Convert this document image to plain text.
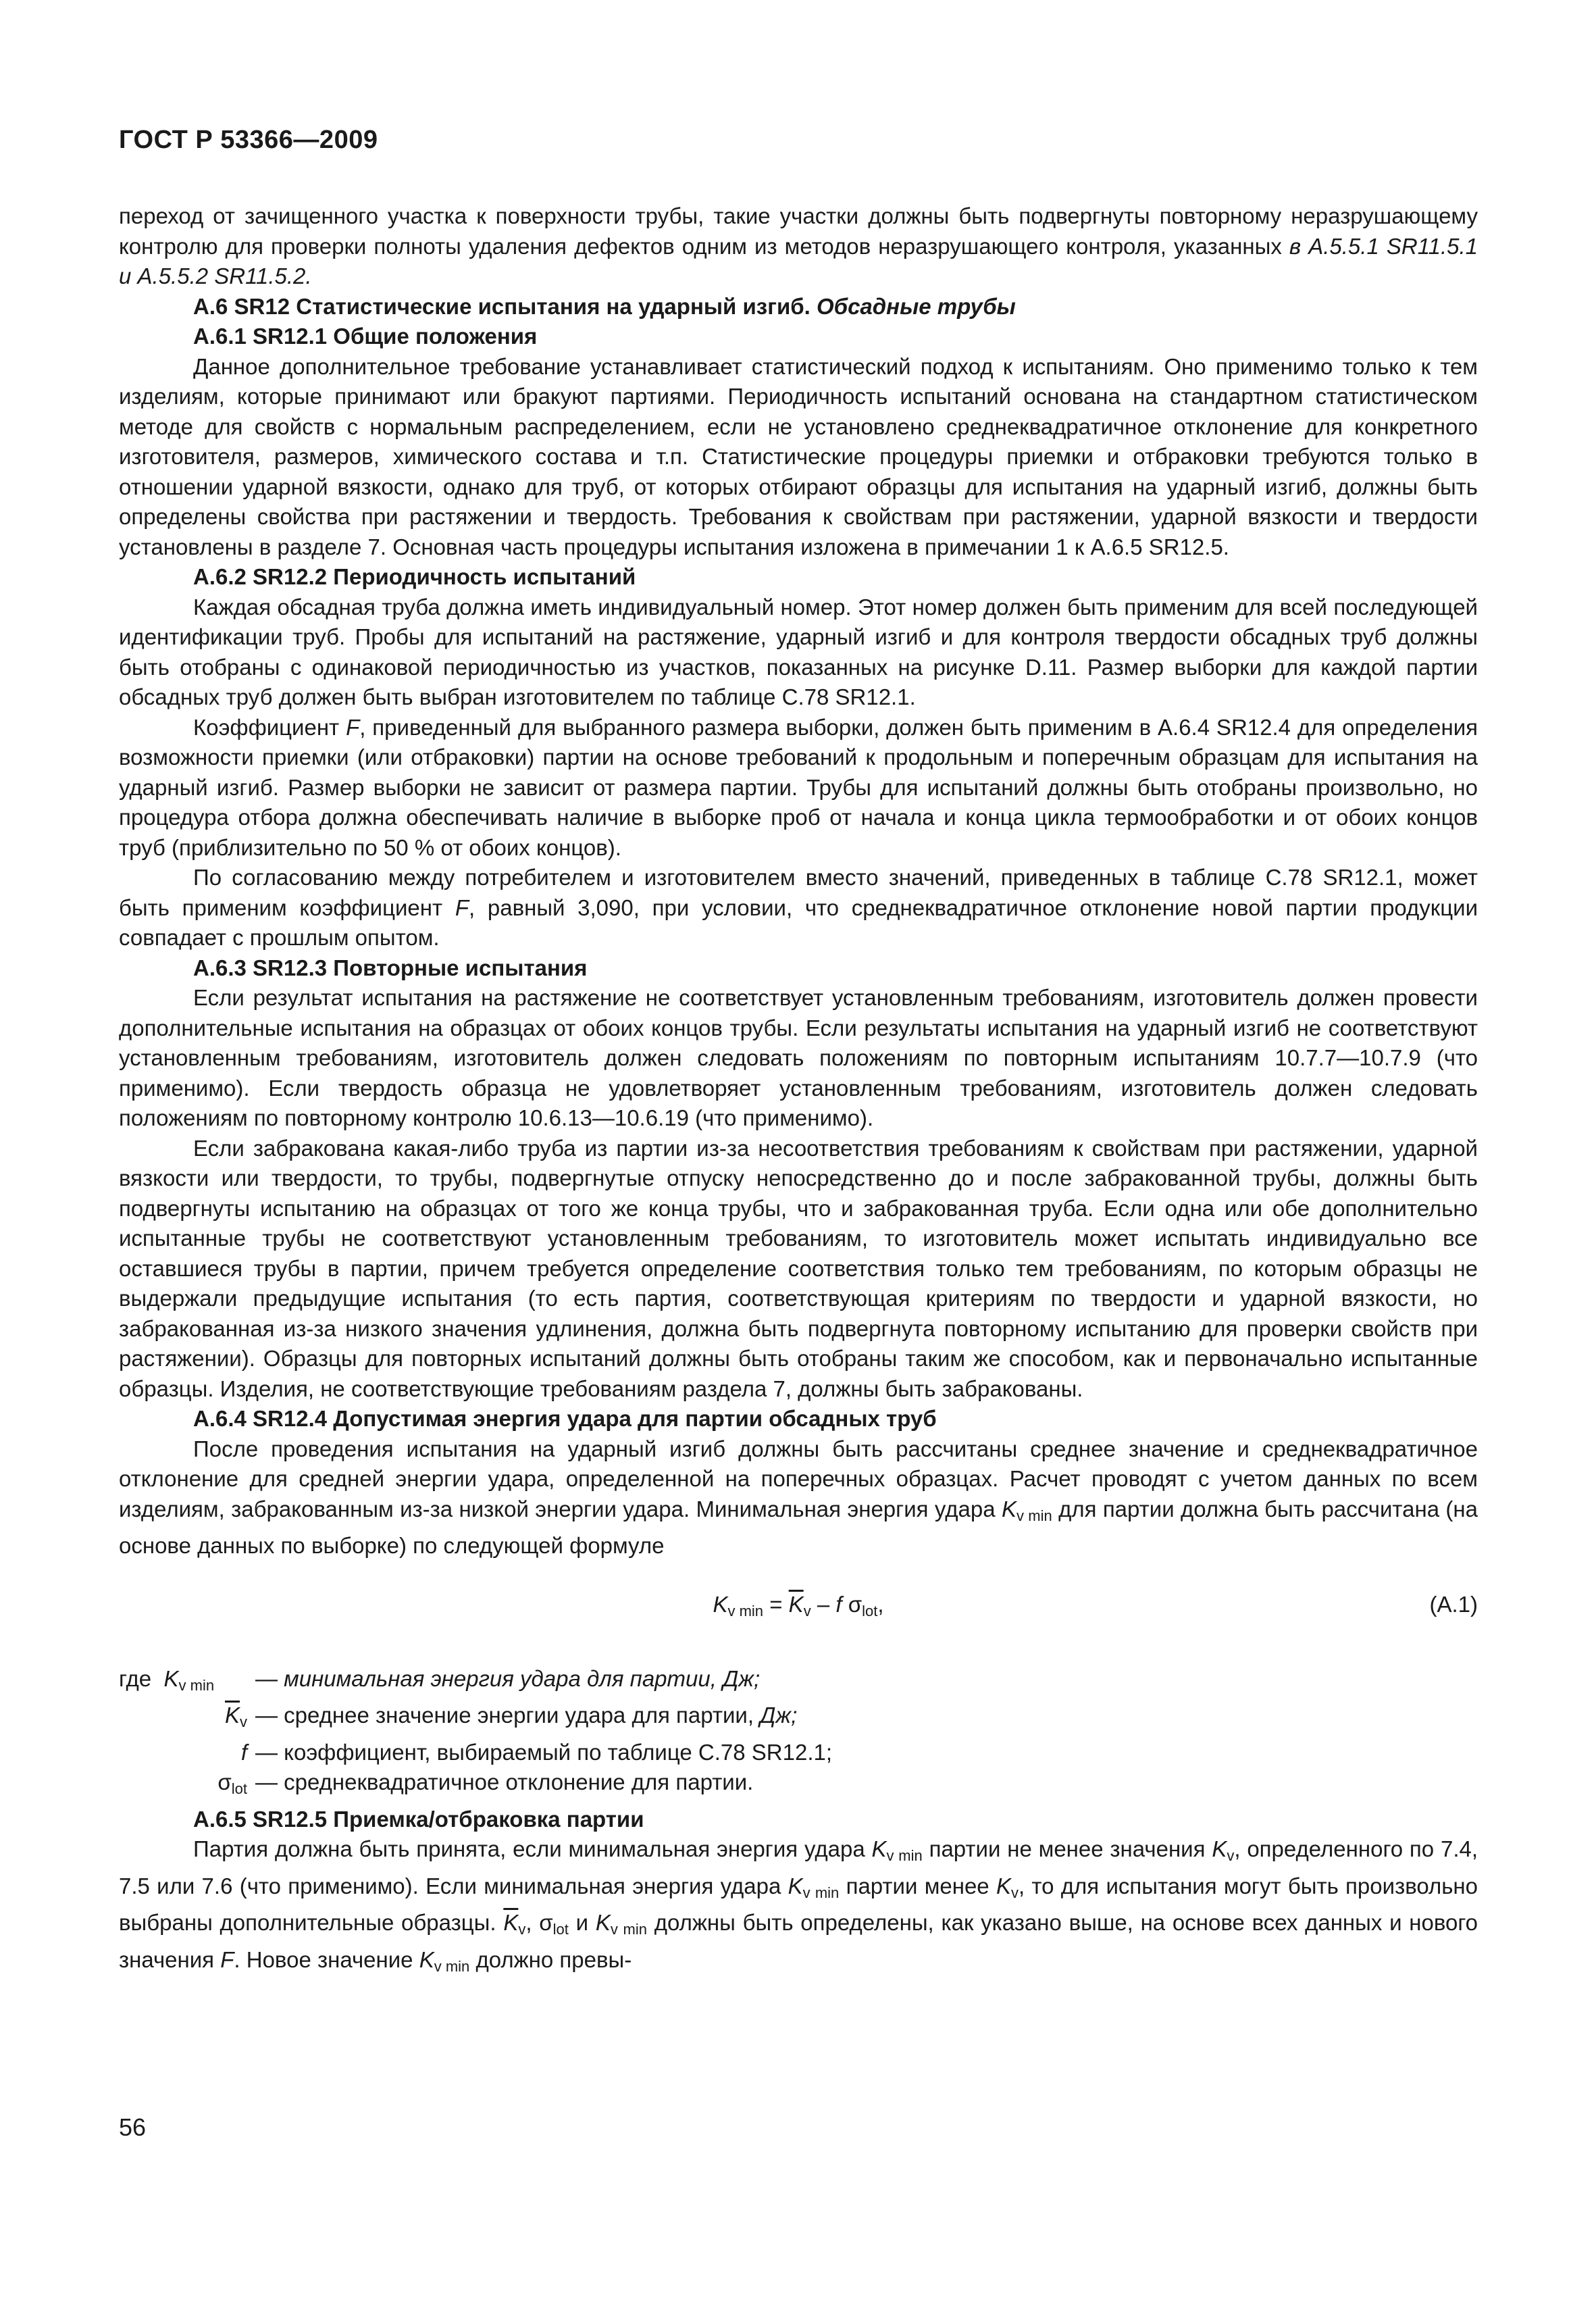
ГОСТ Р 53366—2009

переход от зачищенного участка к поверхности трубы, такие участки должны быть подвергнуты повторному неразрушающему контролю для проверки полноты удаления дефектов одним из методов неразрушающего контроля, указанных в А.5.5.1 SR11.5.1 и А.5.5.2 SR11.5.2.

А.6 SR12 Статистические испытания на ударный изгиб. Обсадные трубы

А.6.1 SR12.1 Общие положения

Данное дополнительное требование устанавливает статистический подход к испытаниям. Оно применимо только к тем изделиям, которые принимают или бракуют партиями. Периодичность испытаний основана на стандартном статистическом методе для свойств с нормальным распределением, если не установлено среднеквадратичное отклонение для конкретного изготовителя, размеров, химического состава и т.п. Статистические процедуры приемки и отбраковки требуются только в отношении ударной вязкости, однако для труб, от которых отбирают образцы для испытания на ударный изгиб, должны быть определены свойства при растяжении и твердость. Требования к свойствам при растяжении, ударной вязкости и твердости установлены в разделе 7. Основная часть процедуры испытания изложена в примечании 1 к А.6.5 SR12.5.

А.6.2 SR12.2 Периодичность испытаний

Каждая обсадная труба должна иметь индивидуальный номер. Этот номер должен быть применим для всей последующей идентификации труб. Пробы для испытаний на растяжение, ударный изгиб и для контроля твердости обсадных труб должны быть отобраны с одинаковой периодичностью из участков, показанных на рисунке D.11. Размер выборки для каждой партии обсадных труб должен быть выбран изготовителем по таблице С.78 SR12.1.

Коэффициент F, приведенный для выбранного размера выборки, должен быть применим в А.6.4 SR12.4 для определения возможности приемки (или отбраковки) партии на основе требований к продольным и поперечным образцам для испытания на ударный изгиб. Размер выборки не зависит от размера партии. Трубы для испытаний должны быть отобраны произвольно, но процедура отбора должна обеспечивать наличие в выборке проб от начала и конца цикла термообработки и от обоих концов труб (приблизительно по 50 % от обоих концов).

По согласованию между потребителем и изготовителем вместо значений, приведенных в таблице С.78 SR12.1, может быть применим коэффициент F, равный 3,090, при условии, что среднеквадратичное отклонение новой партии продукции совпадает с прошлым опытом.

А.6.3 SR12.3 Повторные испытания

Если результат испытания на растяжение не соответствует установленным требованиям, изготовитель должен провести дополнительные испытания на образцах от обоих концов трубы. Если результаты испытания на ударный изгиб не соответствуют установленным требованиям, изготовитель должен следовать положениям по повторным испытаниям 10.7.7—10.7.9 (что применимо). Если твердость образца не удовлетворяет установленным требованиям, изготовитель должен следовать положениям по повторному контролю 10.6.13—10.6.19 (что применимо).

Если забракована какая-либо труба из партии из-за несоответствия требованиям к свойствам при растяжении, ударной вязкости или твердости, то трубы, подвергнутые отпуску непосредственно до и после забракованной трубы, должны быть подвергнуты испытанию на образцах от того же конца трубы, что и забракованная труба. Если одна или обе дополнительно испытанные трубы не соответствуют установленным требованиям, то изготовитель может испытать индивидуально все оставшиеся трубы в партии, причем требуется определение соответствия только тем требованиям, по которым образцы не выдержали предыдущие испытания (то есть партия, соответствующая критериям по твердости и ударной вязкости, но забракованная из-за низкого значения удлинения, должна быть подвергнута повторному испытанию для проверки свойств при растяжении). Образцы для повторных испытаний должны быть отобраны таким же способом, как и первоначально испытанные образцы. Изделия, не соответствующие требованиям раздела 7, должны быть забракованы.

А.6.4 SR12.4 Допустимая энергия удара для партии обсадных труб

После проведения испытания на ударный изгиб должны быть рассчитаны среднее значение и среднеквадратичное отклонение для средней энергии удара, определенной на поперечных образцах. Расчет проводят с учетом данных по всем изделиям, забракованным из-за низкой энергии удара. Минимальная энергия удара $K_{v min}$ для партии должна быть рассчитана (на основе данных по выборке) по следующей формуле

$K_{v min} = \overline{K}_v - f$ $\sigma_{lot}$,	(А.1)
где $K_{v min}$	— минимальная энергия удара для партии, Дж;
$\overline{K}_v$ — среднее значение энергии удара для партии, Дж;
f — коэффициент, выбираемый по таблице С.78 SR12.1;
$\sigma_{lot}$ — среднеквадратичное отклонение для партии.

А.6.5 SR12.5 Приемка/отбраковка партии

Партия должна быть принята, если минимальная энергия удара $K_{v min}$ партии не менее значения $K_v$, определенного по 7.4, 7.5 или 7.6 (что применимо). Если минимальная энергия удара $K_{v min}$ партии менее $K_v$, то для испытания могут быть произвольно выбраны дополнительные образцы. $\overline{K}_v$, $\sigma_{lot}$ и $K_{v min}$ должны быть определены, как указано выше, на основе всех данных и нового значения F. Новое значение $K_{v min}$ должно превы-

56
